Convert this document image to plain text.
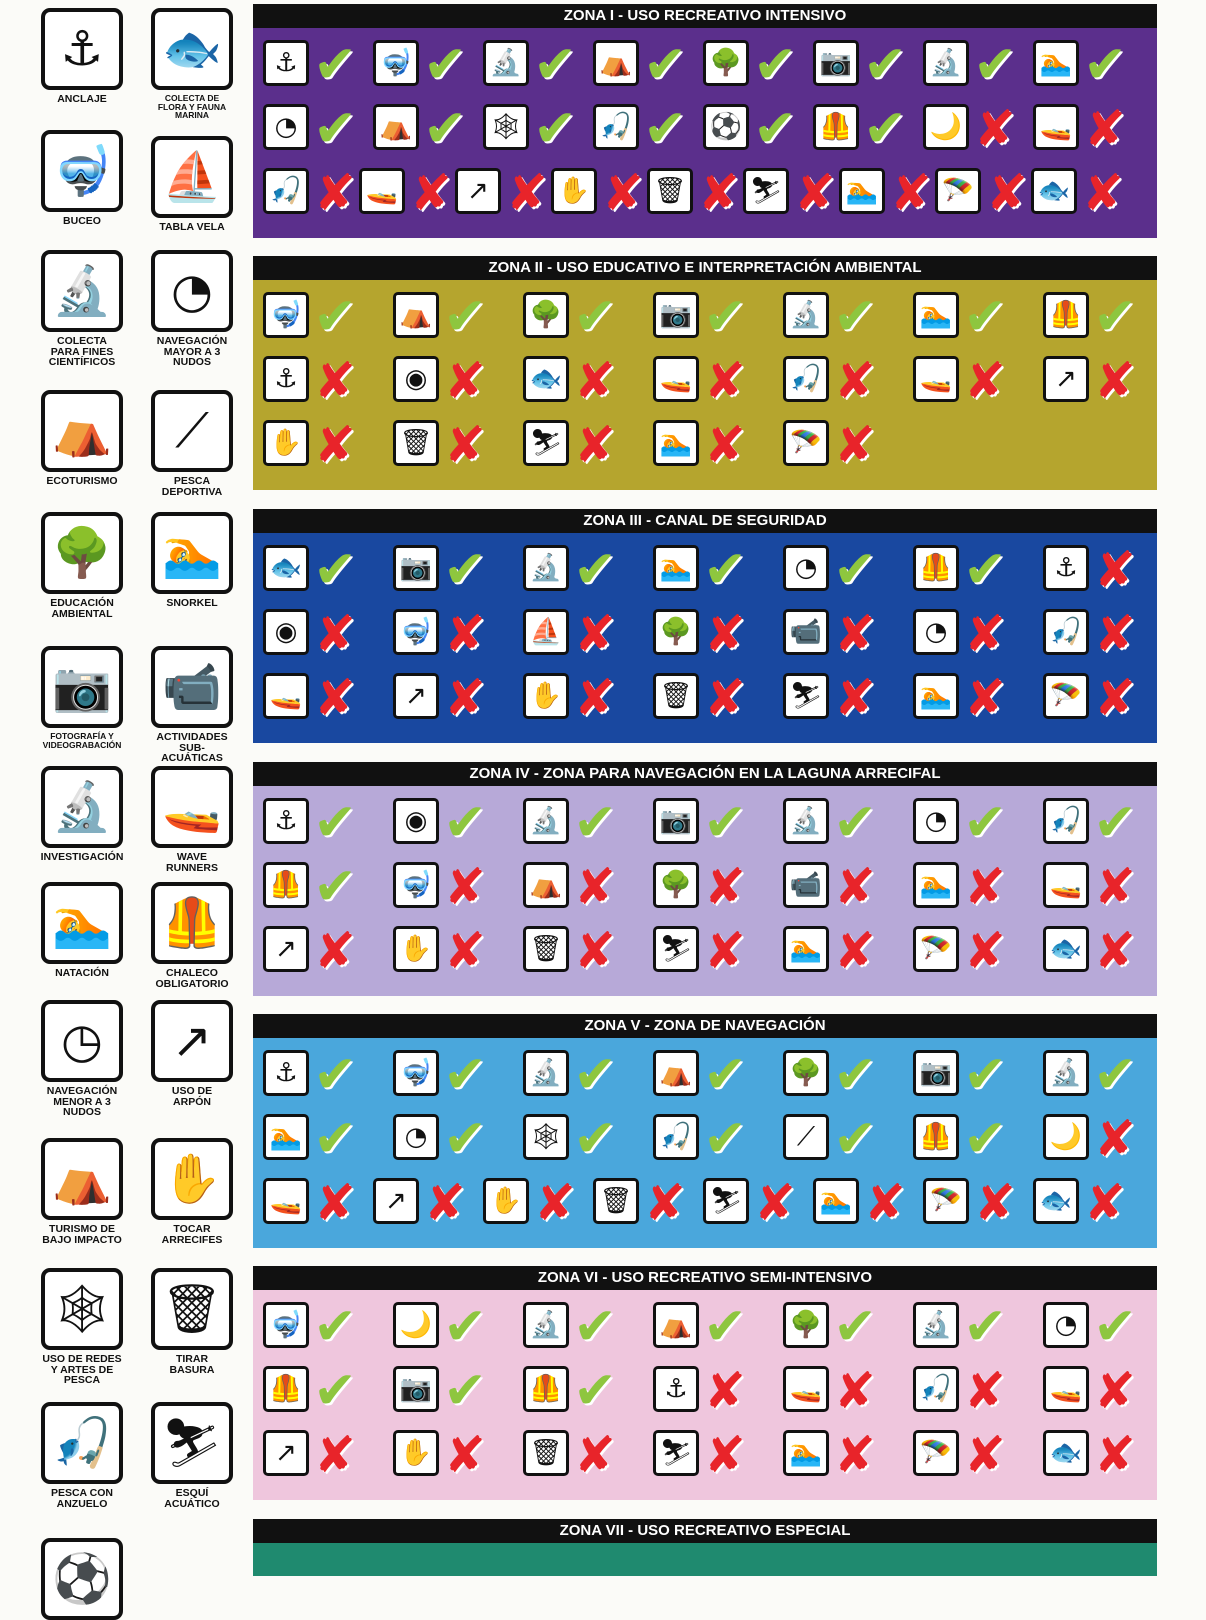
⚓
ANCLAJE
🐟
COLECTA DE
FLORA Y FAUNA
MARINA
🤿
BUCEO
⛵
TABLA VELA
🔬
COLECTA
PARA FINES
CIENTÍFICOS
◔
NAVEGACIÓN
MAYOR A 3
NUDOS
⛺
ECOTURISMO
⟋
PESCA
DEPORTIVA
🌳
EDUCACIÓN
AMBIENTAL
🏊
SNORKEL
📷
FOTOGRAFÍA Y
VIDEOGRABACIÓN
📹
ACTIVIDADES
SUB-
ACUÁTICAS
🔬
INVESTIGACIÓN
🚤
WAVE
RUNNERS
🏊
NATACIÓN
🦺
CHALECO
OBLIGATORIO
◷
NAVEGACIÓN
MENOR A 3
NUDOS
↗
USO DE
ARPÓN
⛺
TURISMO DE
BAJO IMPACTO
✋
TOCAR
ARRECIFES
🕸
USO DE REDES
Y ARTES DE
PESCA
🗑
TIRAR
BASURA
🎣
PESCA CON
ANZUELO
⛷
ESQUÍ
ACUÁTICO
⚽
ZONA I - USO RECREATIVO INTENSIVO
⚓ ✔ 🤿 ✔ 🔬 ✔ ⛺ ✔ 🌳 ✔ 📷 ✔ 🔬 ✔ 🏊 ✔
◔ ✔ ⛺ ✔ 🕸 ✔ 🎣 ✔ ⚽ ✔ 🦺 ✔ 🌙 ✘ 🚤 ✘
🎣 ✘ 🚤 ✘ ↗ ✘ ✋ ✘ 🗑 ✘ ⛷ ✘ 🏊 ✘ 🪂 ✘ 🐟 ✘
ZONA II - USO EDUCATIVO E INTERPRETACIÓN AMBIENTAL
🤿 ✔ ⛺ ✔ 🌳 ✔ 📷 ✔ 🔬 ✔ 🏊 ✔ 🦺 ✔
⚓ ✘	◉ ✘ 🐟 ✘ 🚤 ✘ 🎣 ✘ 🚤 ✘	↗ ✘
✋ ✘ 🗑 ✘ ⛷ ✘ 🏊 ✘ 🪂 ✘
ZONA III - CANAL DE SEGURIDAD
🐟 ✔ 📷 ✔ 🔬 ✔ 🏊 ✔	◔ ✔ 🦺 ✔	⚓ ✘
◉ ✘ 🤿 ✘ ⛵ ✘ 🌳 ✘ 📹 ✘	◔ ✘ 🎣 ✘
🚤 ✘	↗ ✘ ✋ ✘ 🗑 ✘ ⛷ ✘ 🏊 ✘ 🪂 ✘
ZONA IV - ZONA PARA NAVEGACIÓN EN LA LAGUNA ARRECIFAL
⚓ ✔	◉ ✔ 🔬 ✔ 📷 ✔ 🔬 ✔	◔ ✔ 🎣 ✔
🦺 ✔ 🤿 ✘ ⛺ ✘ 🌳 ✘ 📹 ✘ 🏊 ✘ 🚤 ✘
↗ ✘ ✋ ✘ 🗑 ✘ ⛷ ✘ 🏊 ✘ 🪂 ✘ 🐟 ✘
ZONA V - ZONA DE NAVEGACIÓN
⚓ ✔ 🤿 ✔ 🔬 ✔ ⛺ ✔ 🌳 ✔ 📷 ✔ 🔬 ✔
🏊 ✔	◔ ✔ 🕸 ✔ 🎣 ✔	⟋ ✔ 🦺 ✔ 🌙 ✘
🚤 ✘	↗ ✘ ✋ ✘ 🗑 ✘ ⛷ ✘ 🏊 ✘ 🪂 ✘ 🐟 ✘
ZONA VI - USO RECREATIVO SEMI-INTENSIVO
🤿 ✔ 🌙 ✔ 🔬 ✔ ⛺ ✔ 🌳 ✔ 🔬 ✔	◔ ✔
🦺 ✔ 📷 ✔ 🦺 ✔	⚓ ✘ 🚤 ✘ 🎣 ✘ 🚤 ✘
↗ ✘ ✋ ✘ 🗑 ✘ ⛷ ✘ 🏊 ✘ 🪂 ✘ 🐟 ✘
ZONA VII - USO RECREATIVO ESPECIAL
